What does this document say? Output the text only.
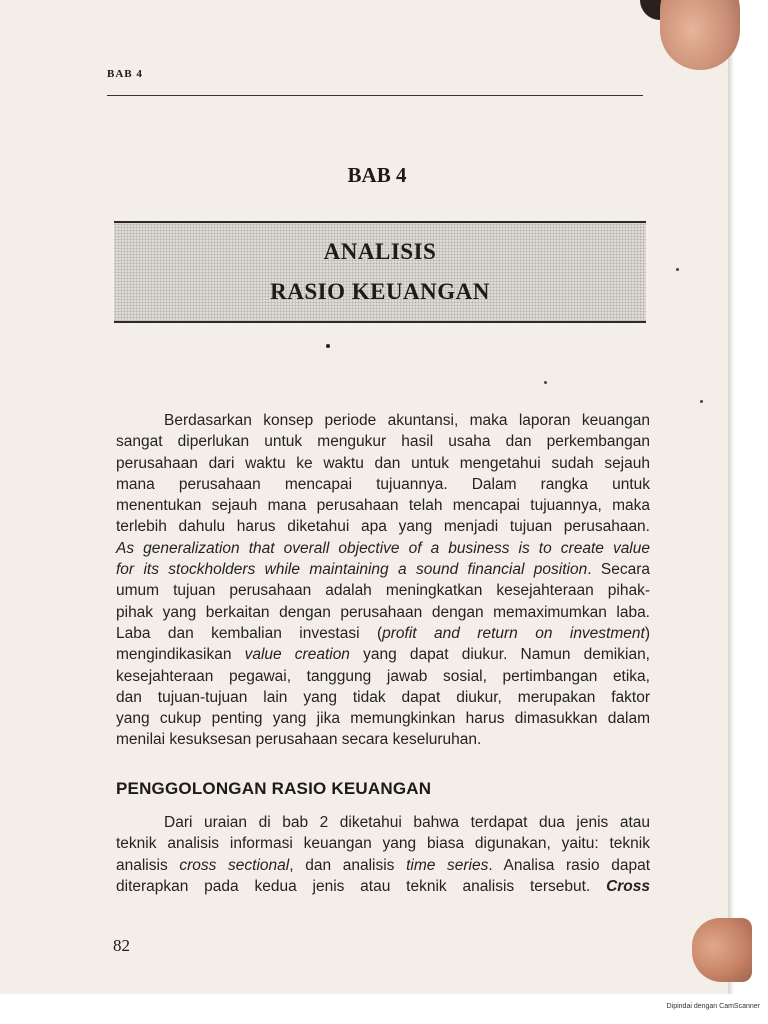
BAB 4
BAB 4
ANALISIS
RASIO KEUANGAN
Berdasarkan konsep periode akuntansi, maka laporan keuangan
sangat diperlukan untuk mengukur hasil usaha dan perkembangan
perusahaan dari waktu ke waktu dan untuk mengetahui sudah sejauh
mana perusahaan mencapai tujuannya. Dalam rangka untuk
menentukan sejauh mana perusahaan telah mencapai tujuannya, maka
terlebih dahulu harus diketahui apa yang menjadi tujuan perusahaan.
As generalization that overall objective of a business is to create value
for its stockholders while maintaining a sound financial position. Secara
umum tujuan perusahaan adalah meningkatkan kesejahteraan pihak-
pihak yang berkaitan dengan perusahaan dengan memaximumkan laba.
Laba dan kembalian investasi (profit and return on investment)
mengindikasikan value creation yang dapat diukur. Namun demikian,
kesejahteraan pegawai, tanggung jawab sosial, pertimbangan etika,
dan tujuan-tujuan lain yang tidak dapat diukur, merupakan faktor
yang cukup penting yang jika memungkinkan harus dimasukkan dalam
menilai kesuksesan perusahaan secara keseluruhan.
PENGGOLONGAN RASIO KEUANGAN
Dari uraian di bab 2 diketahui bahwa terdapat dua jenis atau
teknik analisis informasi keuangan yang biasa digunakan, yaitu: teknik
analisis cross sectional, dan analisis time series. Analisa rasio dapat
diterapkan pada kedua jenis atau teknik analisis tersebut. Cross
82
Dipindai dengan CamScanner
